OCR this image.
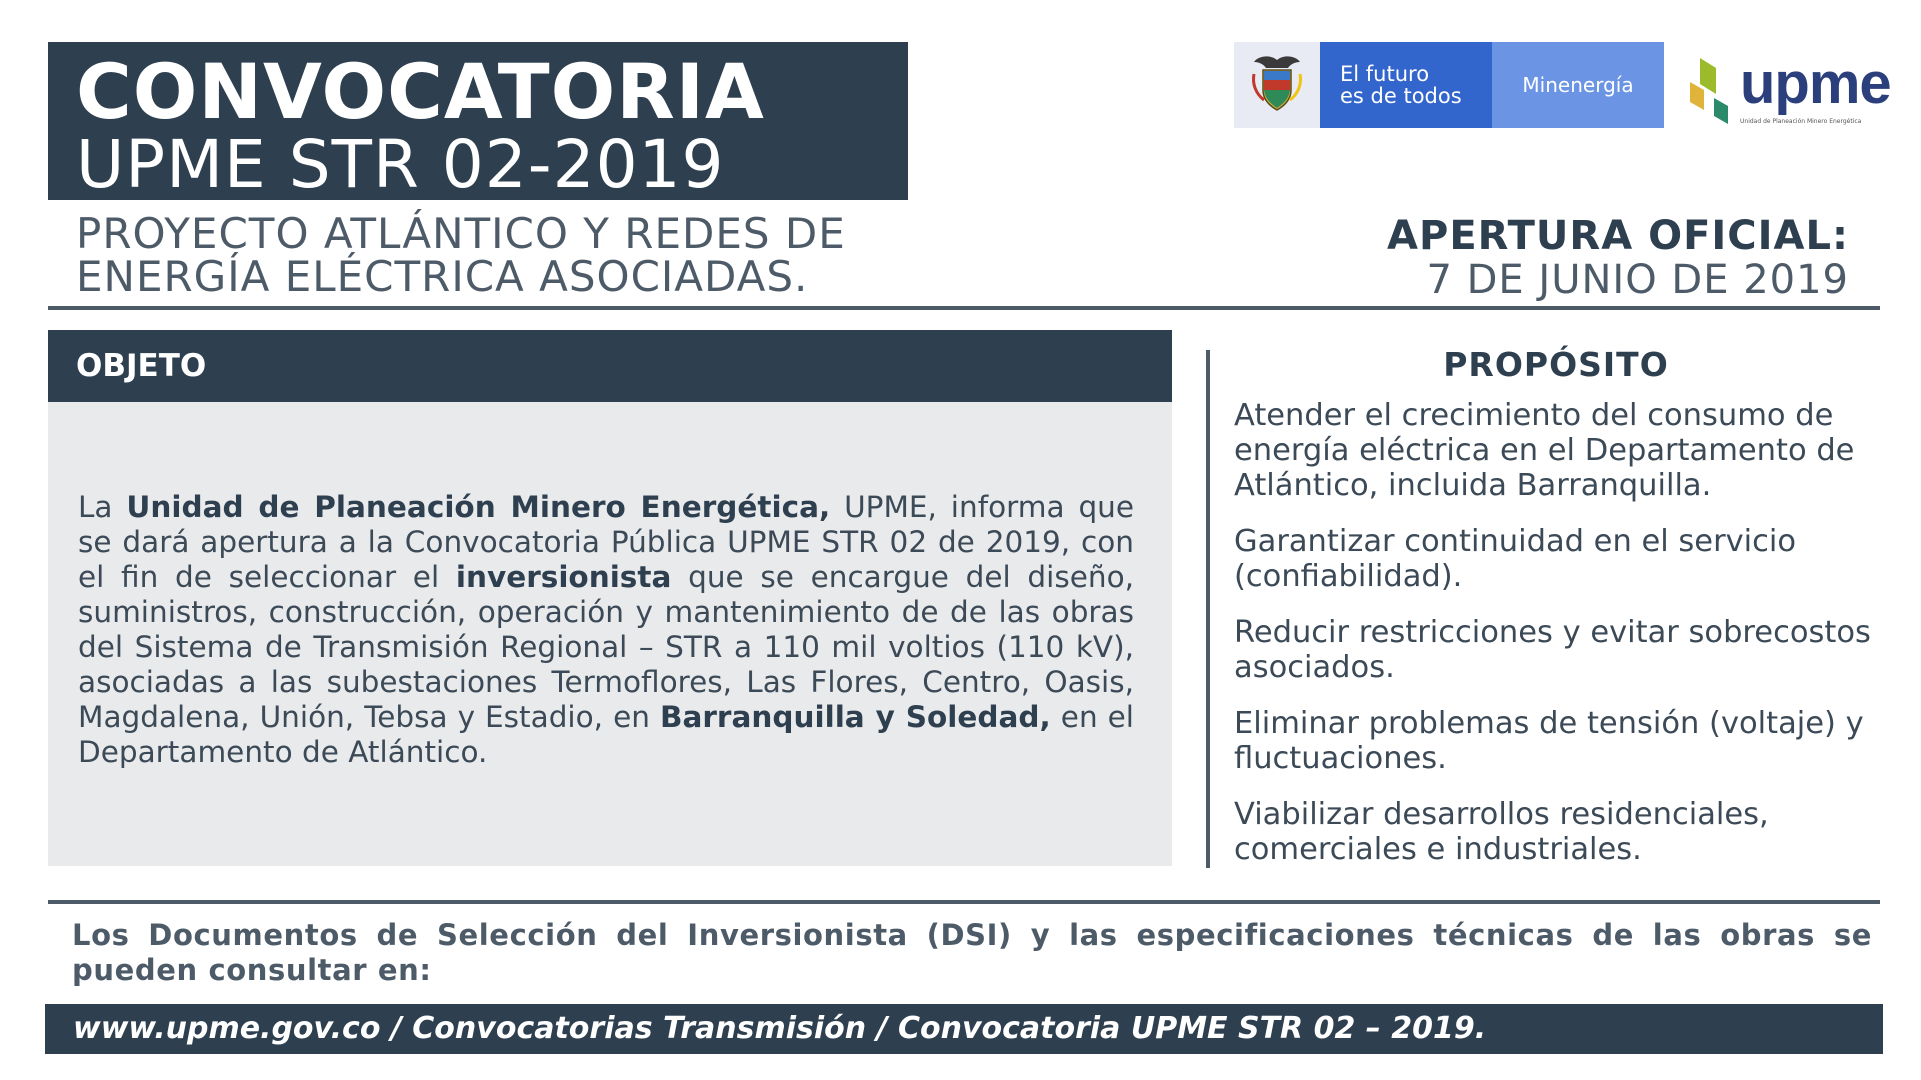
CONVOCATORIA
UPME STR 02-2019
PROYECTO ATLÁNTICO Y REDES DE
ENERGÍA ELÉCTRICA ASOCIADAS.
El futuro
es de todos	Minenergía upme
Unidad de Planeación Minero Energética
APERTURA OFICIAL:
7 DE JUNIO DE 2019
OBJETO

La Unidad de Planeación Minero Energética, UPME, informa que se dará apertura a la Convocatoria Pública UPME STR 02 de 2019, con el fin de seleccionar el inversionista que se encargue del diseño, suministros, construcción, operación y mantenimiento de de las obras del Sistema de Transmisión Regional – STR a 110 mil voltios (110 kV), asociadas a las subestaciones Termoflores, Las Flores, Centro, Oasis, Magdalena, Unión, Tebsa y Estadio, en Barranquilla y Soledad, en el Departamento de Atlántico.

PROPÓSITO
Atender el crecimiento del consumo de energía eléctrica en el Departamento de Atlántico, incluida Barranquilla.
Garantizar continuidad en el servicio (confiabilidad).
Reducir restricciones y evitar sobrecostos asociados.
Eliminar problemas de tensión (voltaje) y fluctuaciones.
Viabilizar desarrollos residenciales, comerciales e industriales.
Los Documentos de Selección del Inversionista (DSI) y las especificaciones técnicas de las obras se pueden consultar en:
www.upme.gov.co / Convocatorias Transmisión / Convocatoria UPME STR 02 – 2019.
